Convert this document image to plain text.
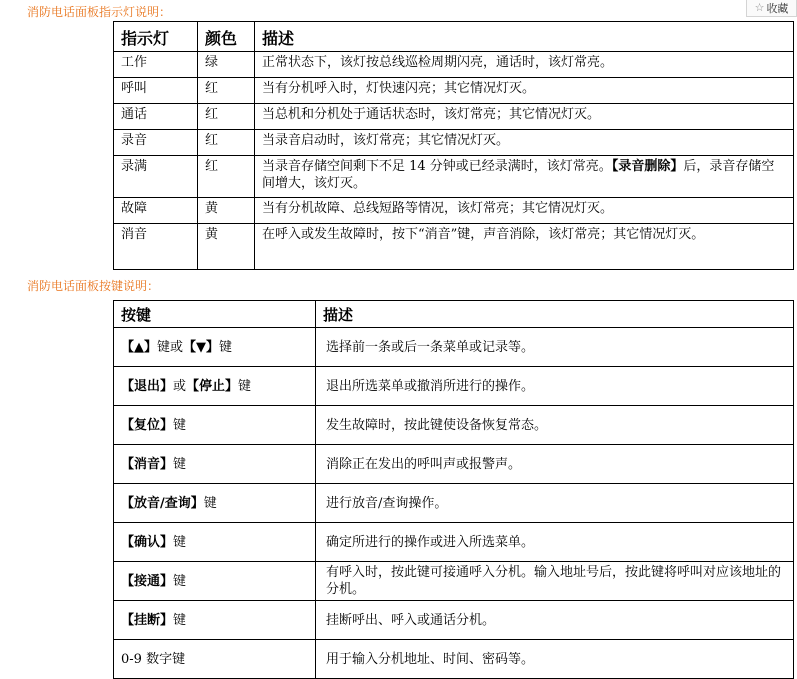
消防电话面板指示灯说明：	☆ 收藏
指示灯	颜色	描述
工作	绿	正常状态下，该灯按总线巡检周期闪亮，通话时，该灯常亮。
呼叫	红	当有分机呼入时，灯快速闪亮；其它情况灯灭。
通话	红	当总机和分机处于通话状态时，该灯常亮；其它情况灯灭。
录音	红	当录音启动时，该灯常亮；其它情况灯灭。
录满	红	当录音存储空间剩下不足 14 分钟或已经录满时，该灯常亮。【录音删除】后，录音存储空间增大，该灯灭。
故障	黄	当有分机故障、总线短路等情况，该灯常亮；其它情况灯灭。
消音	黄	在呼入或发生故障时，按下“消音”键，声音消除，该灯常亮；其它情况灯灭。
消防电话面板按键说明：
按键	描述
【▲】键或【▼】键	选择前一条或后一条菜单或记录等。
【退出】或【停止】键	退出所选菜单或撤消所进行的操作。
【复位】键	发生故障时，按此键使设备恢复常态。
【消音】键	消除正在发出的呼叫声或报警声。
【放音/查询】键	进行放音/查询操作。
【确认】键	确定所进行的操作或进入所选菜单。
【接通】键	有呼入时，按此键可接通呼入分机。输入地址号后，按此键将呼叫对应该地址的分机。
【挂断】键	挂断呼出、呼入或通话分机。
0-9 数字键	用于输入分机地址、时间、密码等。
